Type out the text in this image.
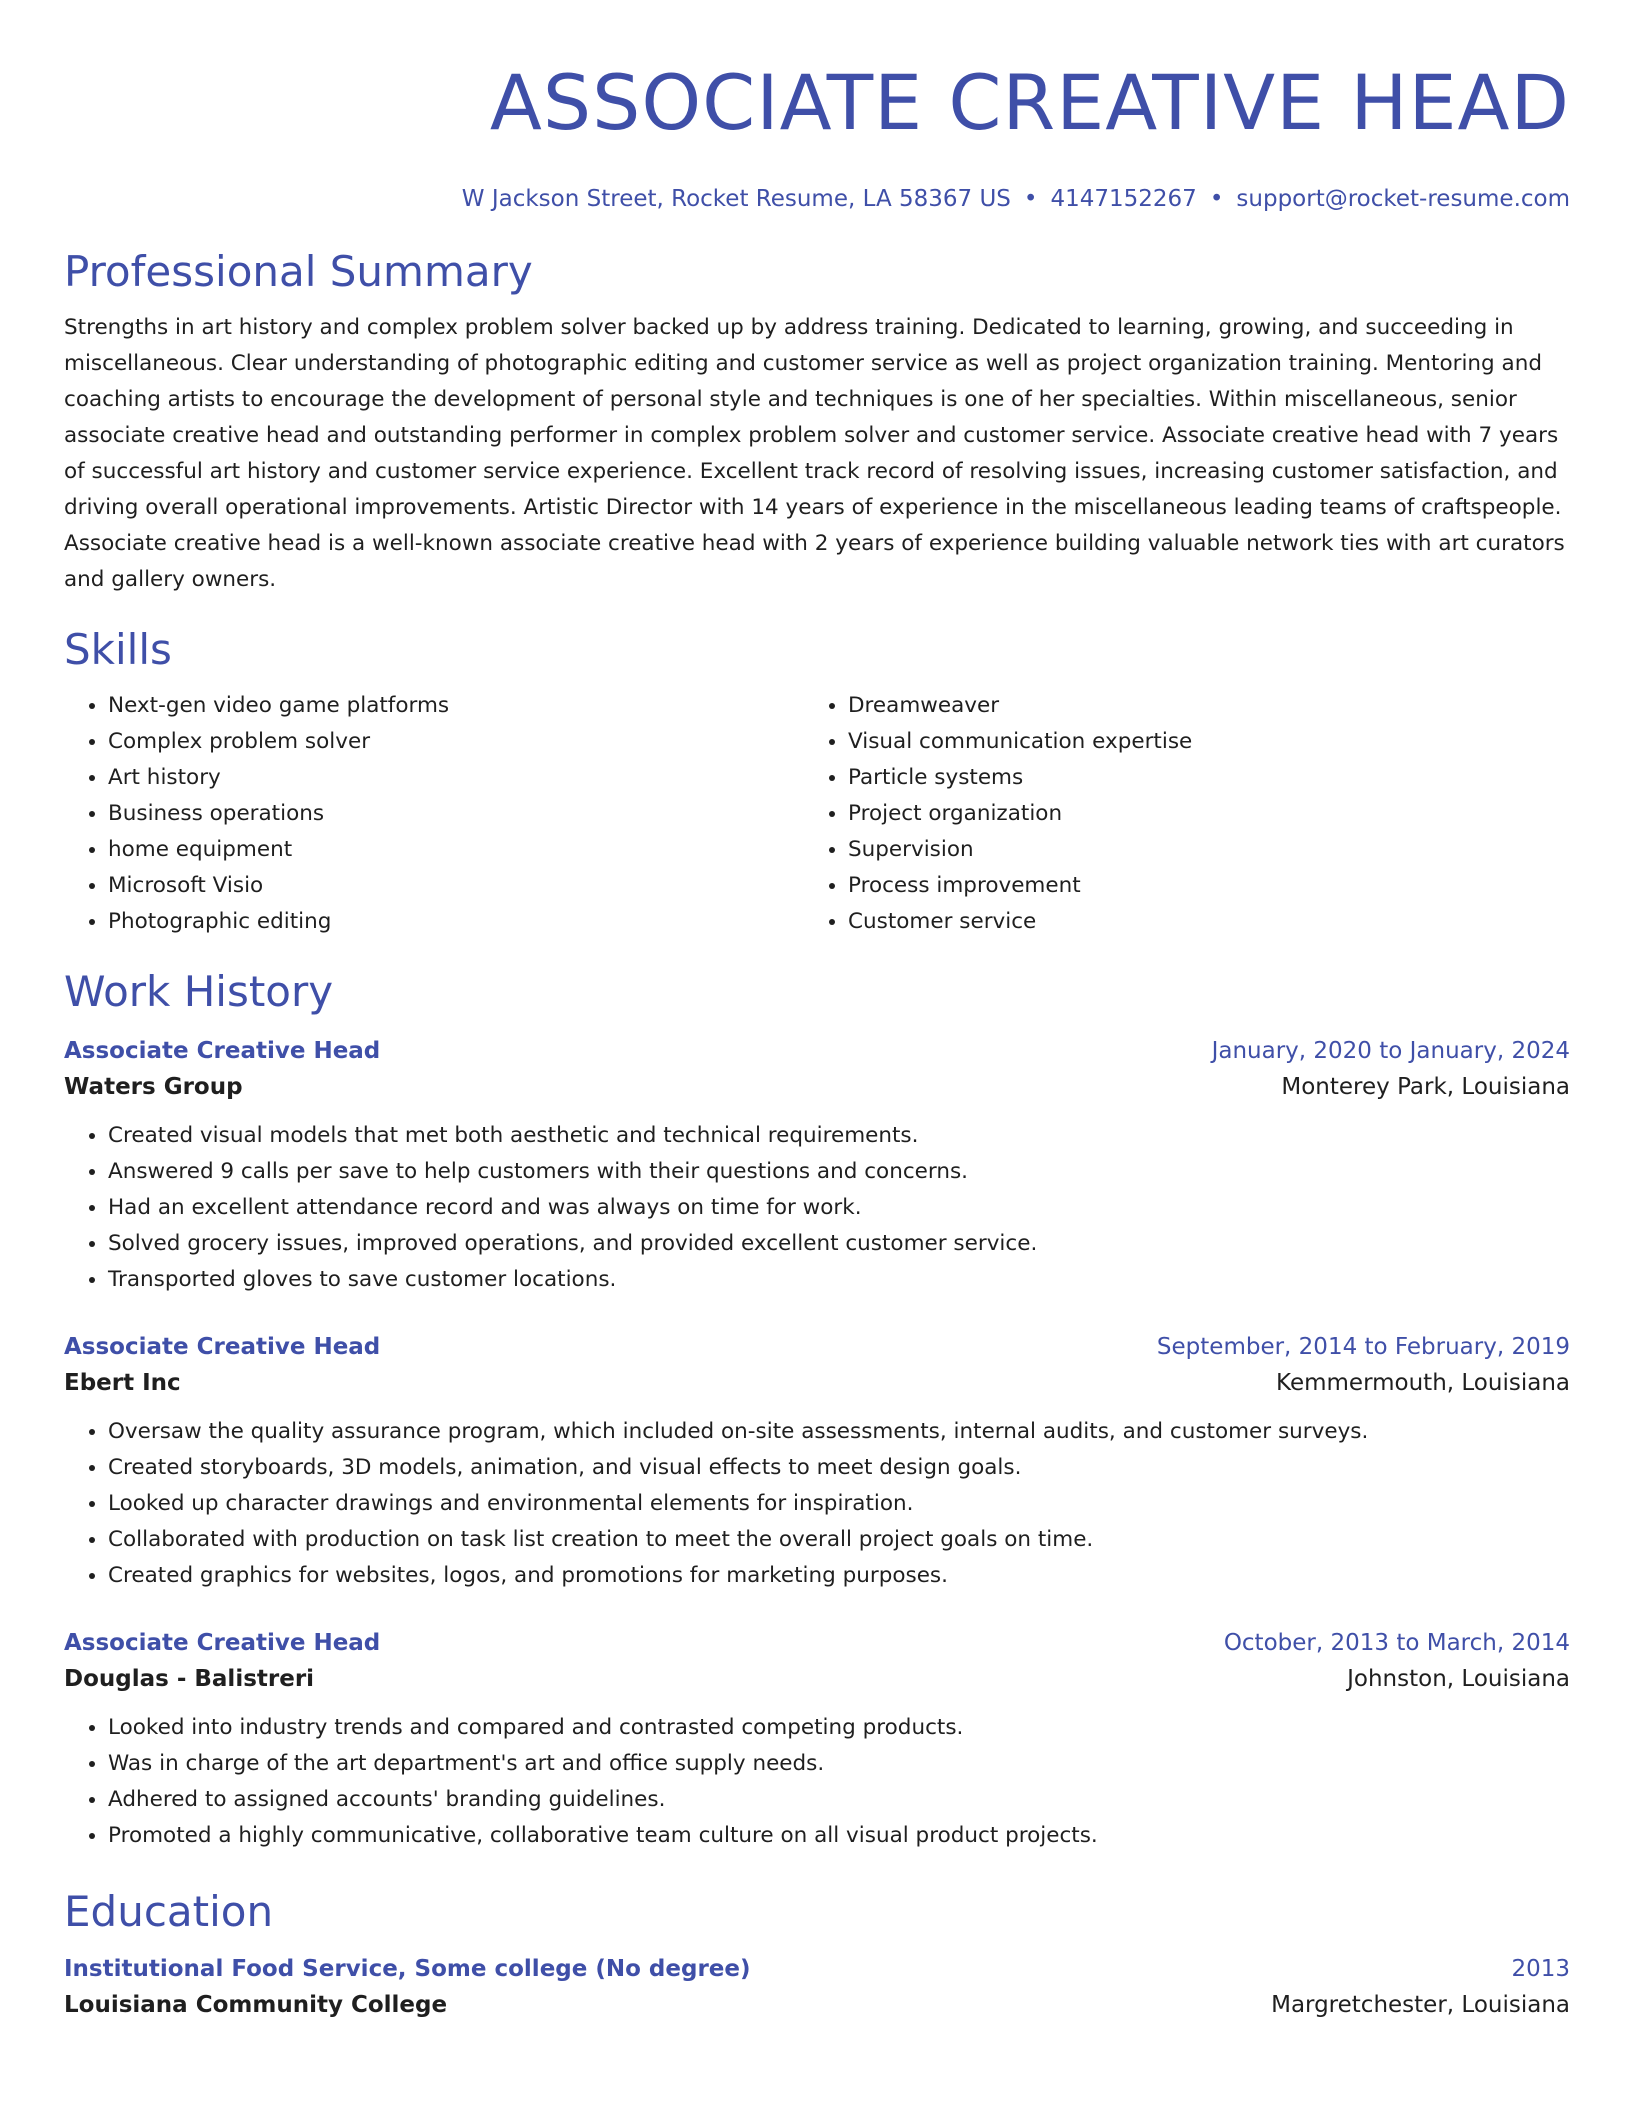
ASSOCIATE CREATIVE HEAD
W Jackson Street, Rocket Resume, LA 58367 US • 4147152267 • support@rocket-resume.com
Professional Summary
Strengths in art history and complex problem solver backed up by address training. Dedicated to learning, growing, and succeeding in miscellaneous. Clear understanding of photographic editing and customer service as well as project organization training. Mentoring and coaching artists to encourage the development of personal style and techniques is one of her specialties. Within miscellaneous, senior associate creative head and outstanding performer in complex problem solver and customer service. Associate creative head with 7 years of successful art history and customer service experience. Excellent track record of resolving issues, increasing customer satisfaction, and driving overall operational improvements. Artistic Director with 14 years of experience in the miscellaneous leading teams of craftspeople. Associate creative head is a well-known associate creative head with 2 years of experience building valuable network ties with art curators and gallery owners.
Skills
• Next-gen video game platforms
• Complex problem solver
• Art history
• Business operations
• home equipment
• Microsoft Visio
• Photographic editing
• Dreamweaver
• Visual communication expertise
• Particle systems
• Project organization
• Supervision
• Process improvement
• Customer service
Work History
Associate Creative Head	January, 2020 to January, 2024
Waters Group	Monterey Park, Louisiana
• Created visual models that met both aesthetic and technical requirements.
• Answered 9 calls per save to help customers with their questions and concerns.
• Had an excellent attendance record and was always on time for work.
• Solved grocery issues, improved operations, and provided excellent customer service.
• Transported gloves to save customer locations.
Associate Creative Head	September, 2014 to February, 2019
Ebert Inc	Kemmermouth, Louisiana
• Oversaw the quality assurance program, which included on-site assessments, internal audits, and customer surveys.
• Created storyboards, 3D models, animation, and visual effects to meet design goals.
• Looked up character drawings and environmental elements for inspiration.
• Collaborated with production on task list creation to meet the overall project goals on time.
• Created graphics for websites, logos, and promotions for marketing purposes.
Associate Creative Head	October, 2013 to March, 2014
Douglas - Balistreri	Johnston, Louisiana
• Looked into industry trends and compared and contrasted competing products.
• Was in charge of the art department's art and office supply needs.
• Adhered to assigned accounts' branding guidelines.
• Promoted a highly communicative, collaborative team culture on all visual product projects.
Education
Institutional Food Service, Some college (No degree)	2013
Louisiana Community College	Margretchester, Louisiana
